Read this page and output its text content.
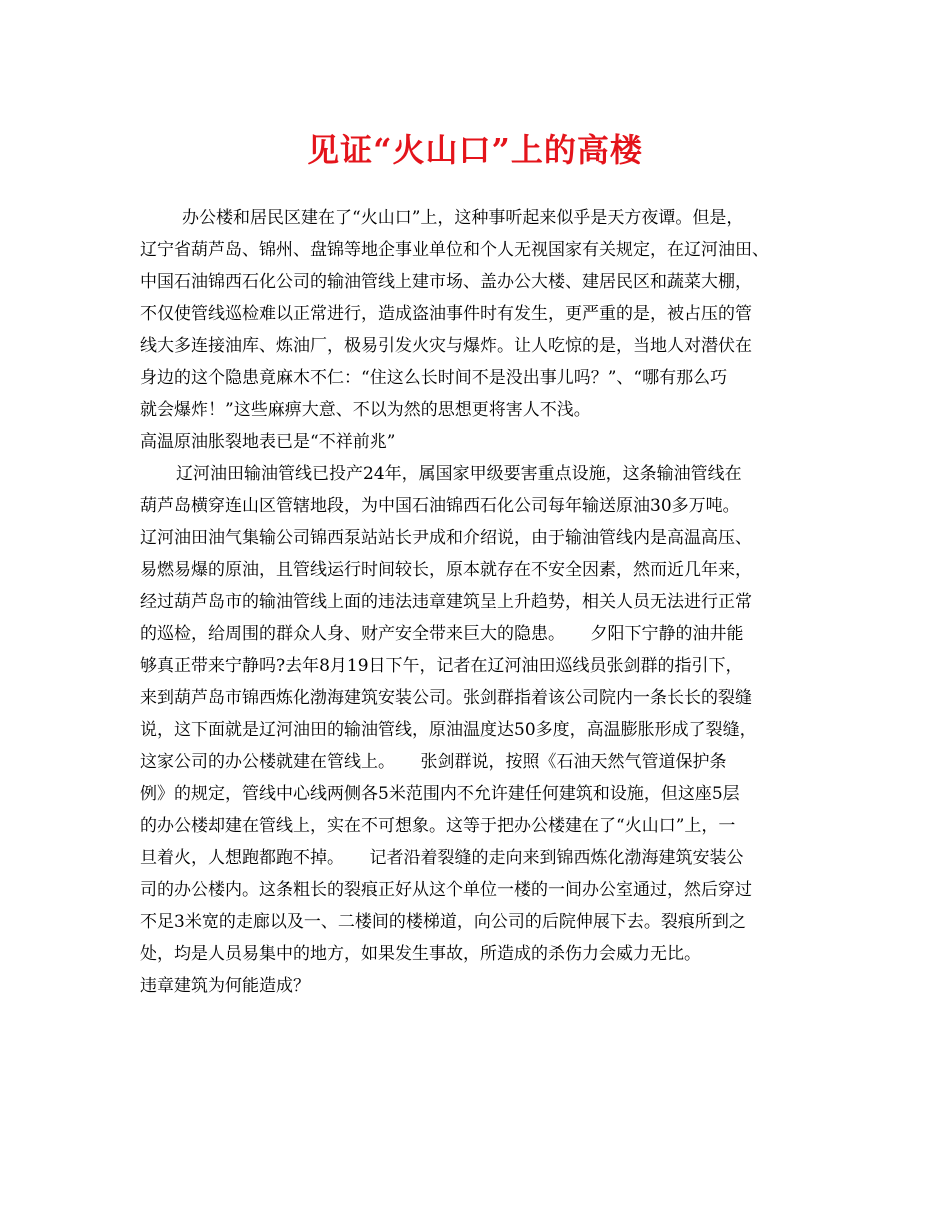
见证“火山口”上的高楼
办公楼和居民区建在了“火山口”上，这种事听起来似乎是天方夜谭。但是，
辽宁省葫芦岛、锦州、盘锦等地企事业单位和个人无视国家有关规定，在辽河油田、
中国石油锦西石化公司的输油管线上建市场、盖办公大楼、建居民区和蔬菜大棚，
不仅使管线巡检难以正常进行，造成盗油事件时有发生，更严重的是，被占压的管
线大多连接油库、炼油厂，极易引发火灾与爆炸。让人吃惊的是，当地人对潜伏在
身边的这个隐患竟麻木不仁：“住这么长时间不是没出事儿吗？”、“哪有那么巧
就会爆炸！”这些麻痹大意、不以为然的思想更将害人不浅。
高温原油胀裂地表已是“不祥前兆”
辽河油田输油管线已投产24年，属国家甲级要害重点设施，这条输油管线在
葫芦岛横穿连山区管辖地段，为中国石油锦西石化公司每年输送原油30多万吨。
辽河油田油气集输公司锦西泵站站长尹成和介绍说，由于输油管线内是高温高压、
易燃易爆的原油，且管线运行时间较长，原本就存在不安全因素，然而近几年来，
经过葫芦岛市的输油管线上面的违法违章建筑呈上升趋势，相关人员无法进行正常
的巡检，给周围的群众人身、财产安全带来巨大的隐患。　　夕阳下宁静的油井能
够真正带来宁静吗?去年8月19日下午，记者在辽河油田巡线员张剑群的指引下，
来到葫芦岛市锦西炼化渤海建筑安装公司。张剑群指着该公司院内一条长长的裂缝
说，这下面就是辽河油田的输油管线，原油温度达50多度，高温膨胀形成了裂缝，
这家公司的办公楼就建在管线上。　　张剑群说，按照《石油天然气管道保护条
例》的规定，管线中心线两侧各5米范围内不允许建任何建筑和设施，但这座5层
的办公楼却建在管线上，实在不可想象。这等于把办公楼建在了“火山口”上，一
旦着火，人想跑都跑不掉。　　记者沿着裂缝的走向来到锦西炼化渤海建筑安装公
司的办公楼内。这条粗长的裂痕正好从这个单位一楼的一间办公室通过，然后穿过
不足3米宽的走廊以及一、二楼间的楼梯道，向公司的后院伸展下去。裂痕所到之
处，均是人员易集中的地方，如果发生事故，所造成的杀伤力会威力无比。
违章建筑为何能造成？
